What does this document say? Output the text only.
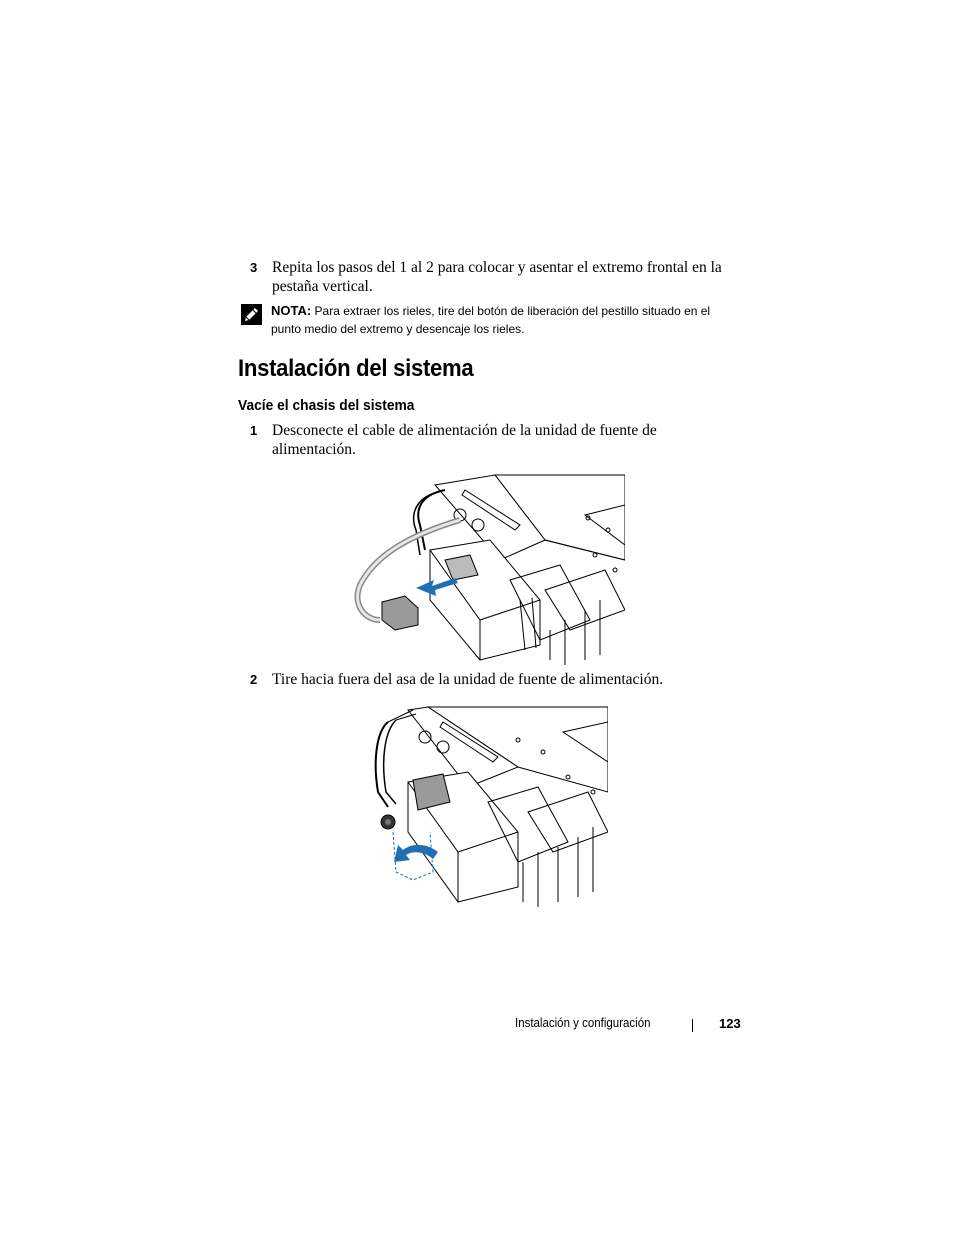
3 Repita los pasos del 1 al 2 para colocar y asentar el extremo frontal en la pestaña vertical.
NOTA: Para extraer los rieles, tire del botón de liberación del pestillo situado en el punto medio del extremo y desencaje los rieles.
Instalación del sistema
Vacíe el chasis del sistema
1 Desconecte el cable de alimentación de la unidad de fuente de alimentación.
2 Tire hacia fuera del asa de la unidad de fuente de alimentación.
Instalación y configuración	123
